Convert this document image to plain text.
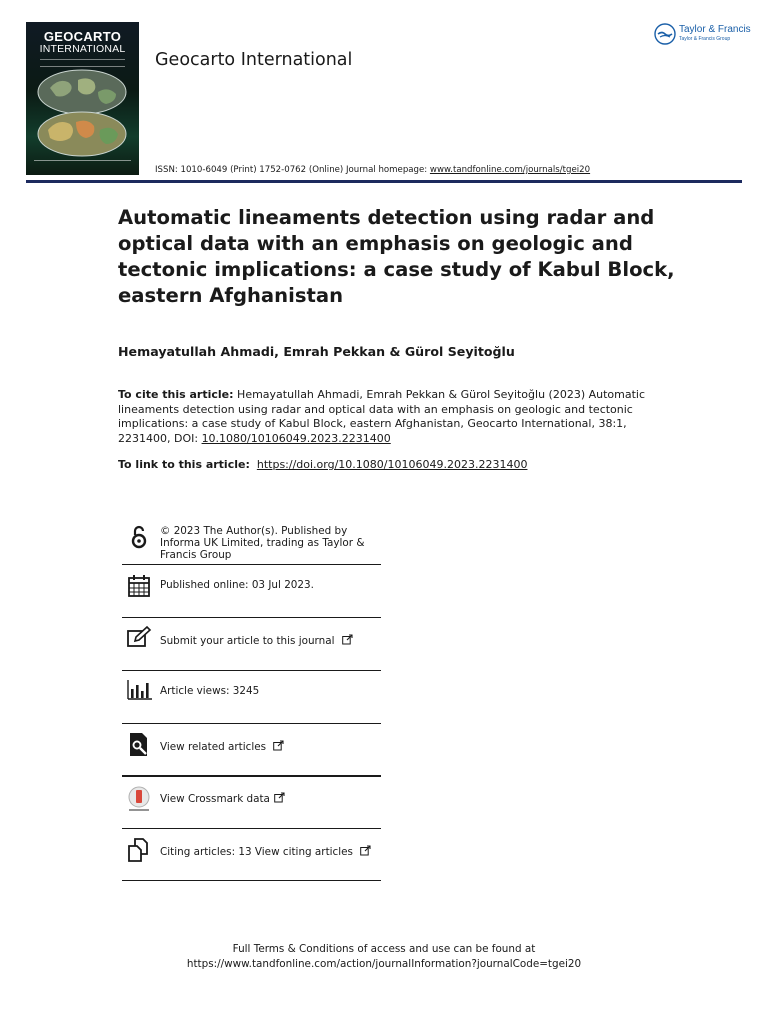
GEOCARTO
INTERNATIONAL
Geocarto International
Taylor & Francis
Taylor & Francis Group
ISSN: 1010-6049 (Print) 1752-0762 (Online) Journal homepage: www.tandfonline.com/journals/tgei20
Automatic lineaments detection using radar and optical data with an emphasis on geologic and tectonic implications: a case study of Kabul Block, eastern Afghanistan
Hemayatullah Ahmadi, Emrah Pekkan & Gürol Seyitoğlu
To cite this article: Hemayatullah Ahmadi, Emrah Pekkan & Gürol Seyitoğlu (2023) Automatic lineaments detection using radar and optical data with an emphasis on geologic and tectonic implications: a case study of Kabul Block, eastern Afghanistan, Geocarto International, 38:1, 2231400, DOI: 10.1080/10106049.2023.2231400
To link to this article: https://doi.org/10.1080/10106049.2023.2231400
© 2023 The Author(s). Published by Informa UK Limited, trading as Taylor & Francis Group
Published online: 03 Jul 2023.
Submit your article to this journal
Article views: 3245
View related articles
View Crossmark data
Citing articles: 13 View citing articles
Full Terms & Conditions of access and use can be found at
https://www.tandfonline.com/action/journalInformation?journalCode=tgei20
